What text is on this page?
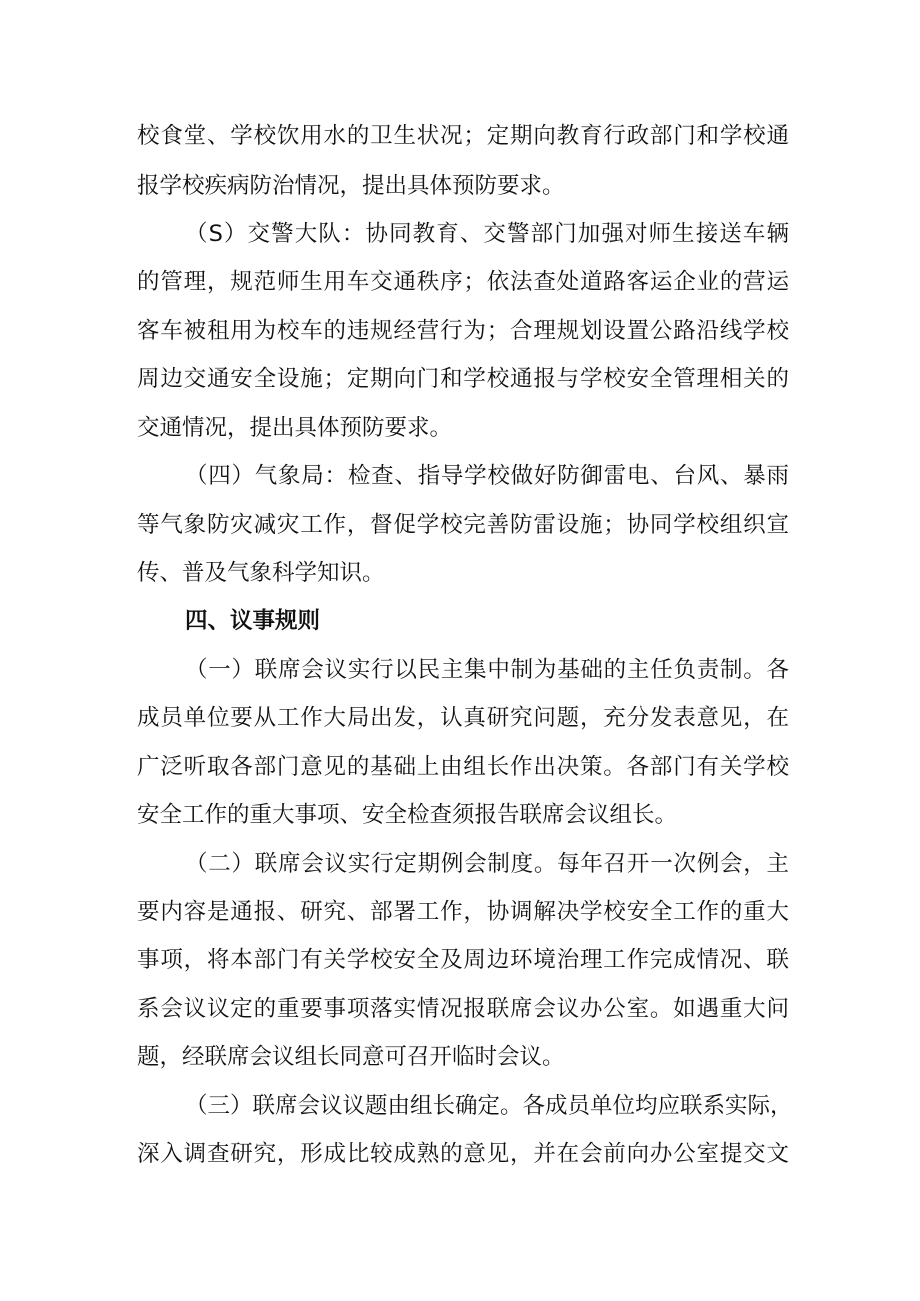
校食堂、学校饮用水的卫生状况；定期向教育行政部门和学校通
报学校疾病防治情况，提出具体预防要求。
（S）交警大队：协同教育、交警部门加强对师生接送车辆
的管理，规范师生用车交通秩序；依法查处道路客运企业的营运
客车被租用为校车的违规经营行为；合理规划设置公路沿线学校
周边交通安全设施；定期向门和学校通报与学校安全管理相关的
交通情况，提出具体预防要求。
（四）气象局：检查、指导学校做好防御雷电、台风、暴雨
等气象防灾减灾工作，督促学校完善防雷设施；协同学校组织宣
传、普及气象科学知识。
四、议事规则
（一）联席会议实行以民主集中制为基础的主任负责制。各
成员单位要从工作大局出发，认真研究问题，充分发表意见，在
广泛听取各部门意见的基础上由组长作出决策。各部门有关学校
安全工作的重大事项、安全检查须报告联席会议组长。
（二）联席会议实行定期例会制度。每年召开一次例会，主
要内容是通报、研究、部署工作，协调解决学校安全工作的重大
事项，将本部门有关学校安全及周边环境治理工作完成情况、联
系会议议定的重要事项落实情况报联席会议办公室。如遇重大问
题，经联席会议组长同意可召开临时会议。
（三）联席会议议题由组长确定。各成员单位均应联系实际，
深入调查研究，形成比较成熟的意见，并在会前向办公室提交文
